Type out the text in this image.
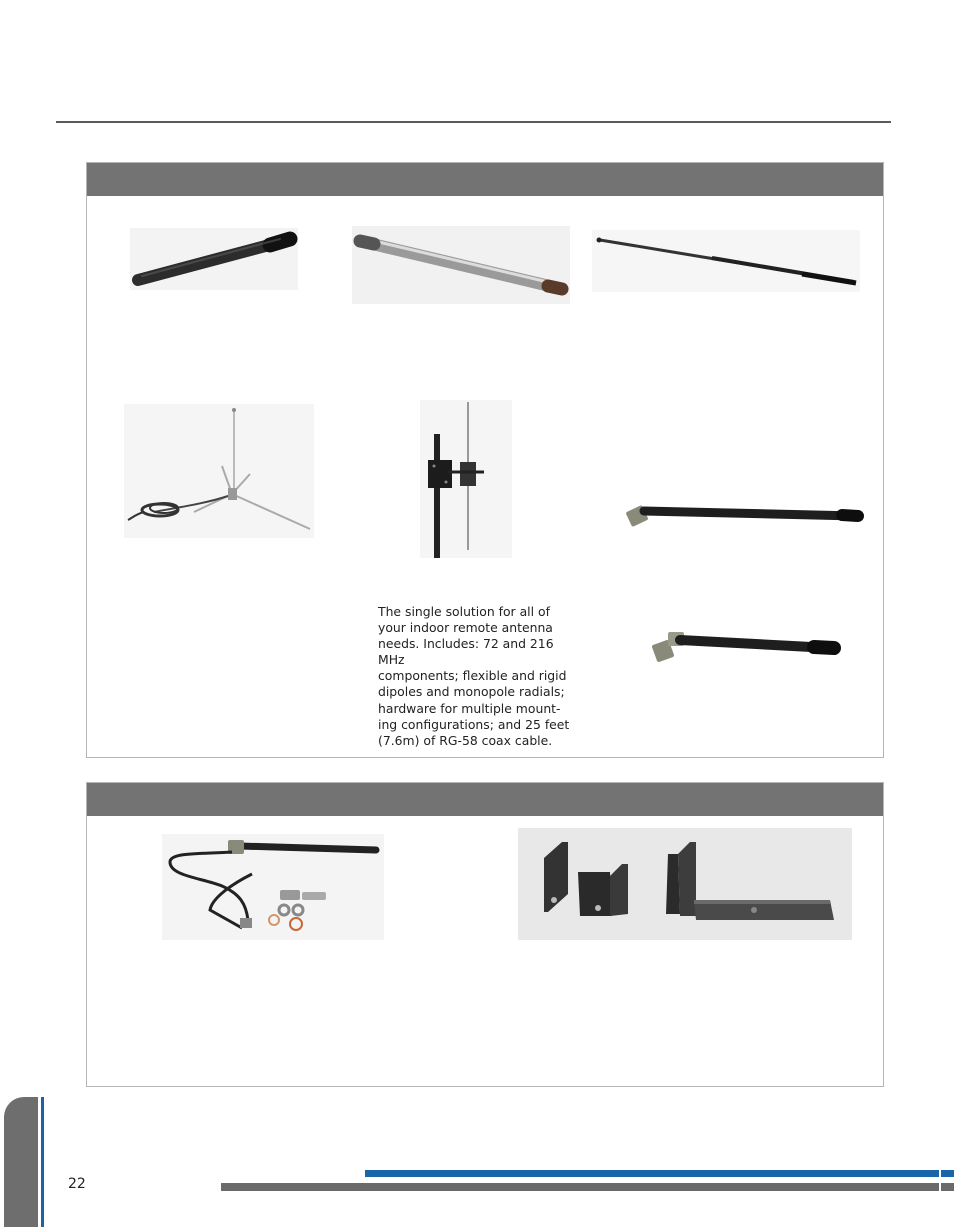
The single solution for all of
your indoor remote antenna
needs. Includes: 72 and 216 MHz
components; flexible and rigid
dipoles and monopole radials;
hardware for multiple mount-
ing configurations; and 25 feet
(7.6m) of RG-58 coax cable.

22
